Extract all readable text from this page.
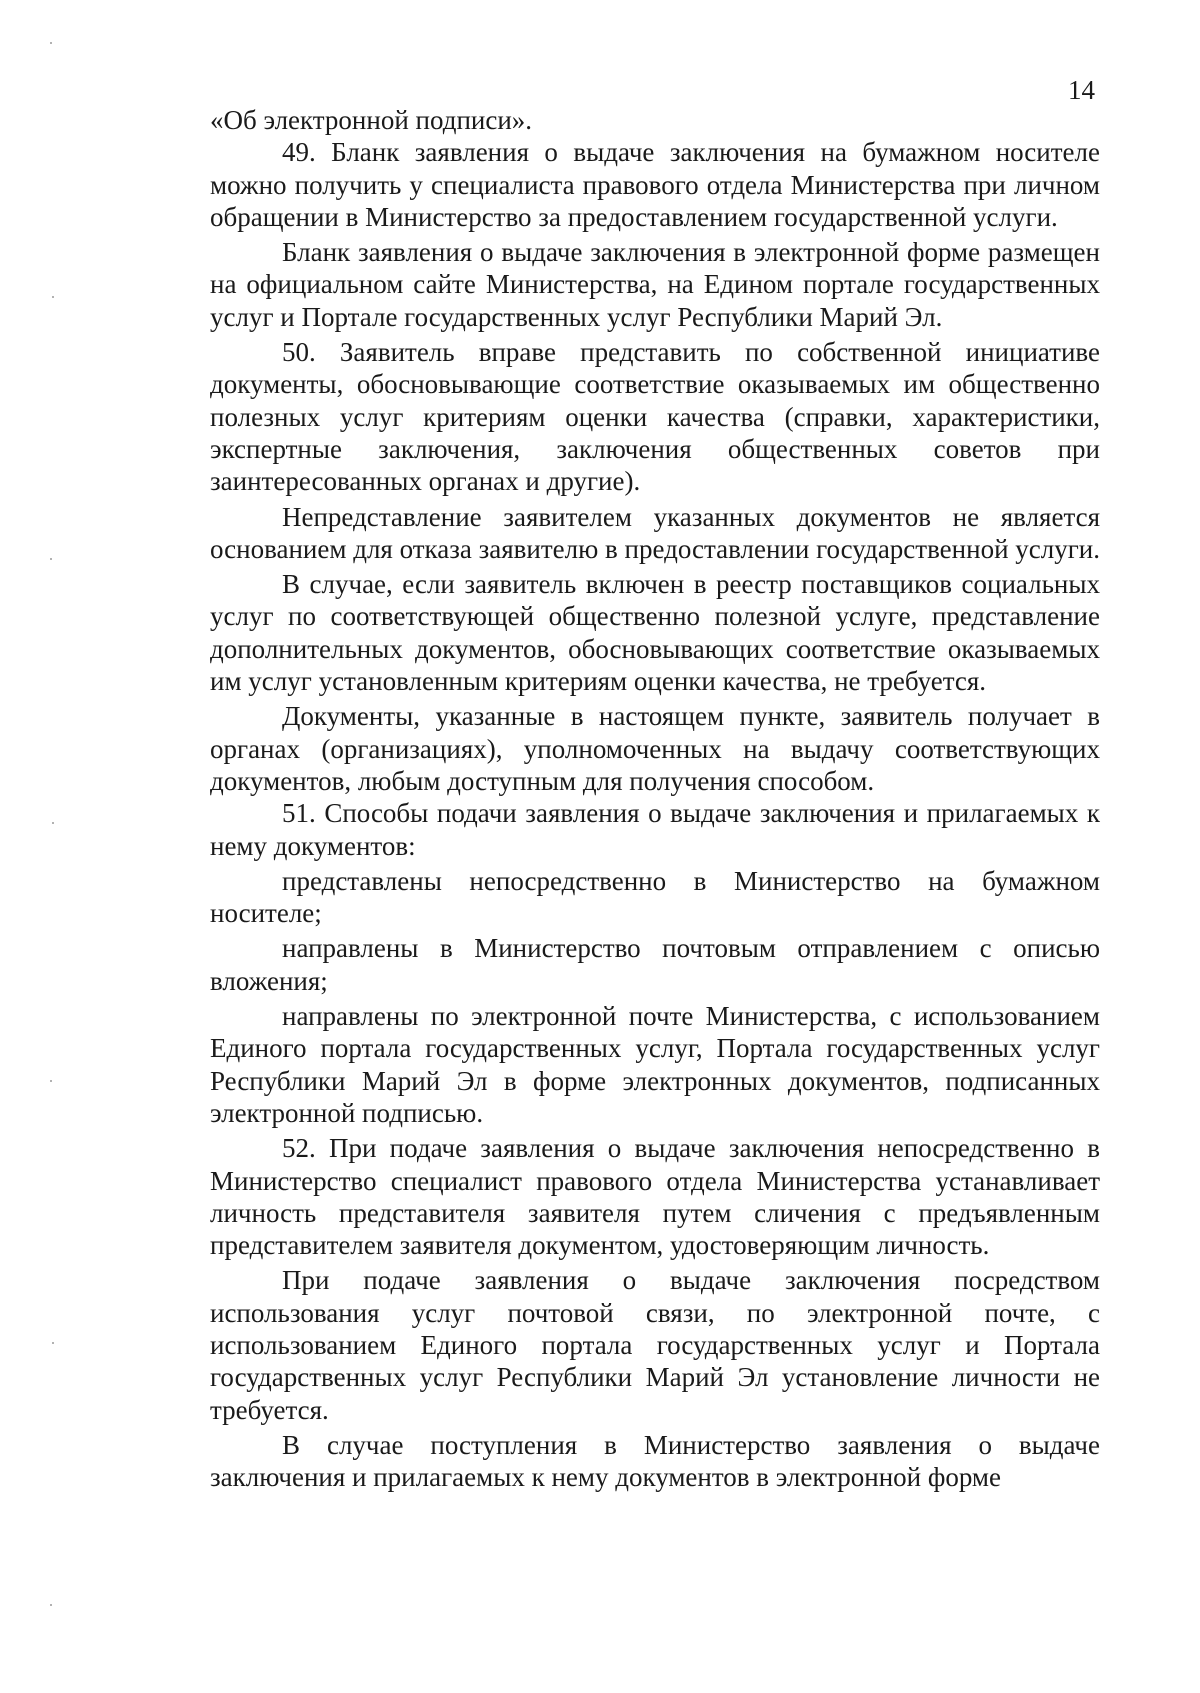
14

«Об электронной подписи».

49. Бланк заявления о выдаче заключения на бумажном носителе можно получить у специалиста правового отдела Министерства при личном обращении в Министерство за предоставлением государственной услуги.

Бланк заявления о выдаче заключения в электронной форме размещен на официальном сайте Министерства, на Едином портале государственных услуг и Портале государственных услуг Республики Марий Эл.

50. Заявитель вправе представить по собственной инициативе документы, обосновывающие соответствие оказываемых им общественно полезных услуг критериям оценки качества (справки, характеристики, экспертные заключения, заключения общественных советов при заинтересованных органах и другие).

Непредставление заявителем указанных документов не является основанием для отказа заявителю в предоставлении государственной услуги.

В случае, если заявитель включен в реестр поставщиков социальных услуг по соответствующей общественно полезной услуге, представление дополнительных документов, обосновывающих соответствие оказываемых им услуг установленным критериям оценки качества, не требуется.

Документы, указанные в настоящем пункте, заявитель получает в органах (организациях), уполномоченных на выдачу соответствующих документов, любым доступным для получения способом.

51. Способы подачи заявления о выдаче заключения и прилагаемых к нему документов:

представлены непосредственно в Министерство на бумажном носителе;

направлены в Министерство почтовым отправлением с описью вложения;

направлены по электронной почте Министерства, с использованием Единого портала государственных услуг, Портала государственных услуг Республики Марий Эл в форме электронных документов, подписанных электронной подписью.

52. При подаче заявления о выдаче заключения непосредственно в Министерство специалист правового отдела Министерства устанавливает личность представителя заявителя путем сличения с предъявленным представителем заявителя документом, удостоверяющим личность.

При подаче заявления о выдаче заключения посредством использования услуг почтовой связи, по электронной почте, с использованием Единого портала государственных услуг и Портала государственных услуг Республики Марий Эл установление личности не требуется.

В случае поступления в Министерство заявления о выдаче заключения и прилагаемых к нему документов в электронной форме
